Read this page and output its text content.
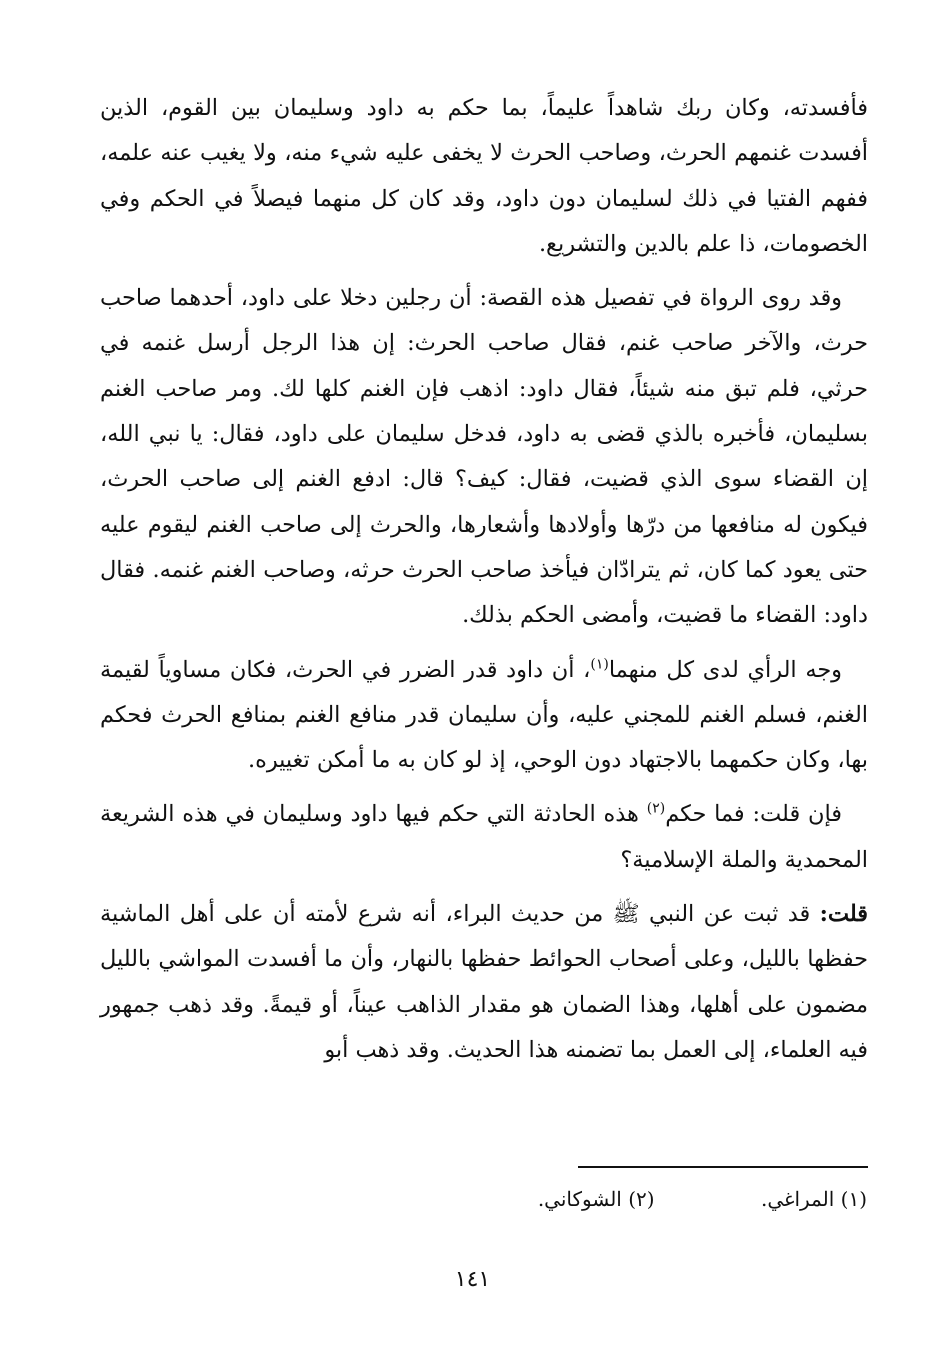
فأفسدته، وكان ربك شاهداً عليماً، بما حكم به داود وسليمان بين القوم، الذين أفسدت غنمهم الحرث، وصاحب الحرث لا يخفى عليه شيء منه، ولا يغيب عنه علمه، ففهم الفتيا في ذلك لسليمان دون داود، وقد كان كل منهما فيصلاً في الحكم وفي الخصومات، ذا علم بالدين والتشريع.

وقد روى الرواة في تفصيل هذه القصة: أن رجلين دخلا على داود، أحدهما صاحب حرث، والآخر صاحب غنم، فقال صاحب الحرث: إن هذا الرجل أرسل غنمه في حرثي، فلم تبق منه شيئاً، فقال داود: اذهب فإن الغنم كلها لك. ومر صاحب الغنم بسليمان، فأخبره بالذي قضى به داود، فدخل سليمان على داود، فقال: يا نبي الله، إن القضاء سوى الذي قضيت، فقال: كيف؟ قال: ادفع الغنم إلى صاحب الحرث، فيكون له منافعها من درّها وأولادها وأشعارها، والحرث إلى صاحب الغنم ليقوم عليه حتى يعود كما كان، ثم يترادّان فيأخذ صاحب الحرث حرثه، وصاحب الغنم غنمه. فقال داود: القضاء ما قضيت، وأمضى الحكم بذلك.

وجه الرأي لدى كل منهما$^{(١)}$، أن داود قدر الضرر في الحرث، فكان مساوياً لقيمة الغنم، فسلم الغنم للمجني عليه، وأن سليمان قدر منافع الغنم بمنافع الحرث فحكم بها، وكان حكمهما بالاجتهاد دون الوحي، إذ لو كان به ما أمكن تغييره.

فإن قلت: فما حكم$^{(٢)}$ هذه الحادثة التي حكم فيها داود وسليمان في هذه الشريعة المحمدية والملة الإسلامية؟

قلت: قد ثبت عن النبي ﷺ من حديث البراء، أنه شرع لأمته أن على أهل الماشية حفظها بالليل، وعلى أصحاب الحوائط حفظها بالنهار، وأن ما أفسدت المواشي بالليل مضمون على أهلها، وهذا الضمان هو مقدار الذاهب عيناً، أو قيمةً. وقد ذهب جمهور فيه العلماء، إلى العمل بما تضمنه هذا الحديث. وقد ذهب أبو

(١) المراغي. (٢) الشوكاني.
١٤١
